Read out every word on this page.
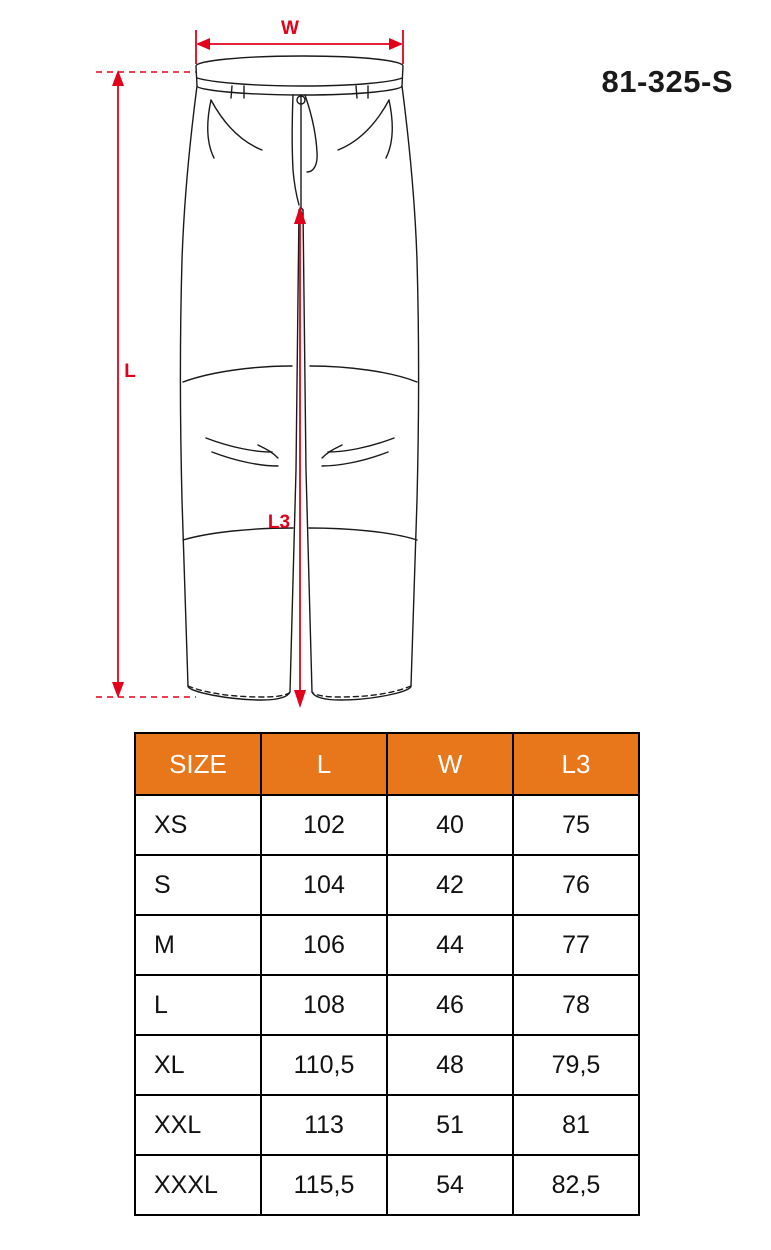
W
L
L3
81-325-S
SIZE	L	W	L3
XS	102	40	75
S	104	42	76
M	106	44	77
L	108	46	78
XL	110,5	48	79,5
XXL	113	51	81
XXXL	115,5	54	82,5
